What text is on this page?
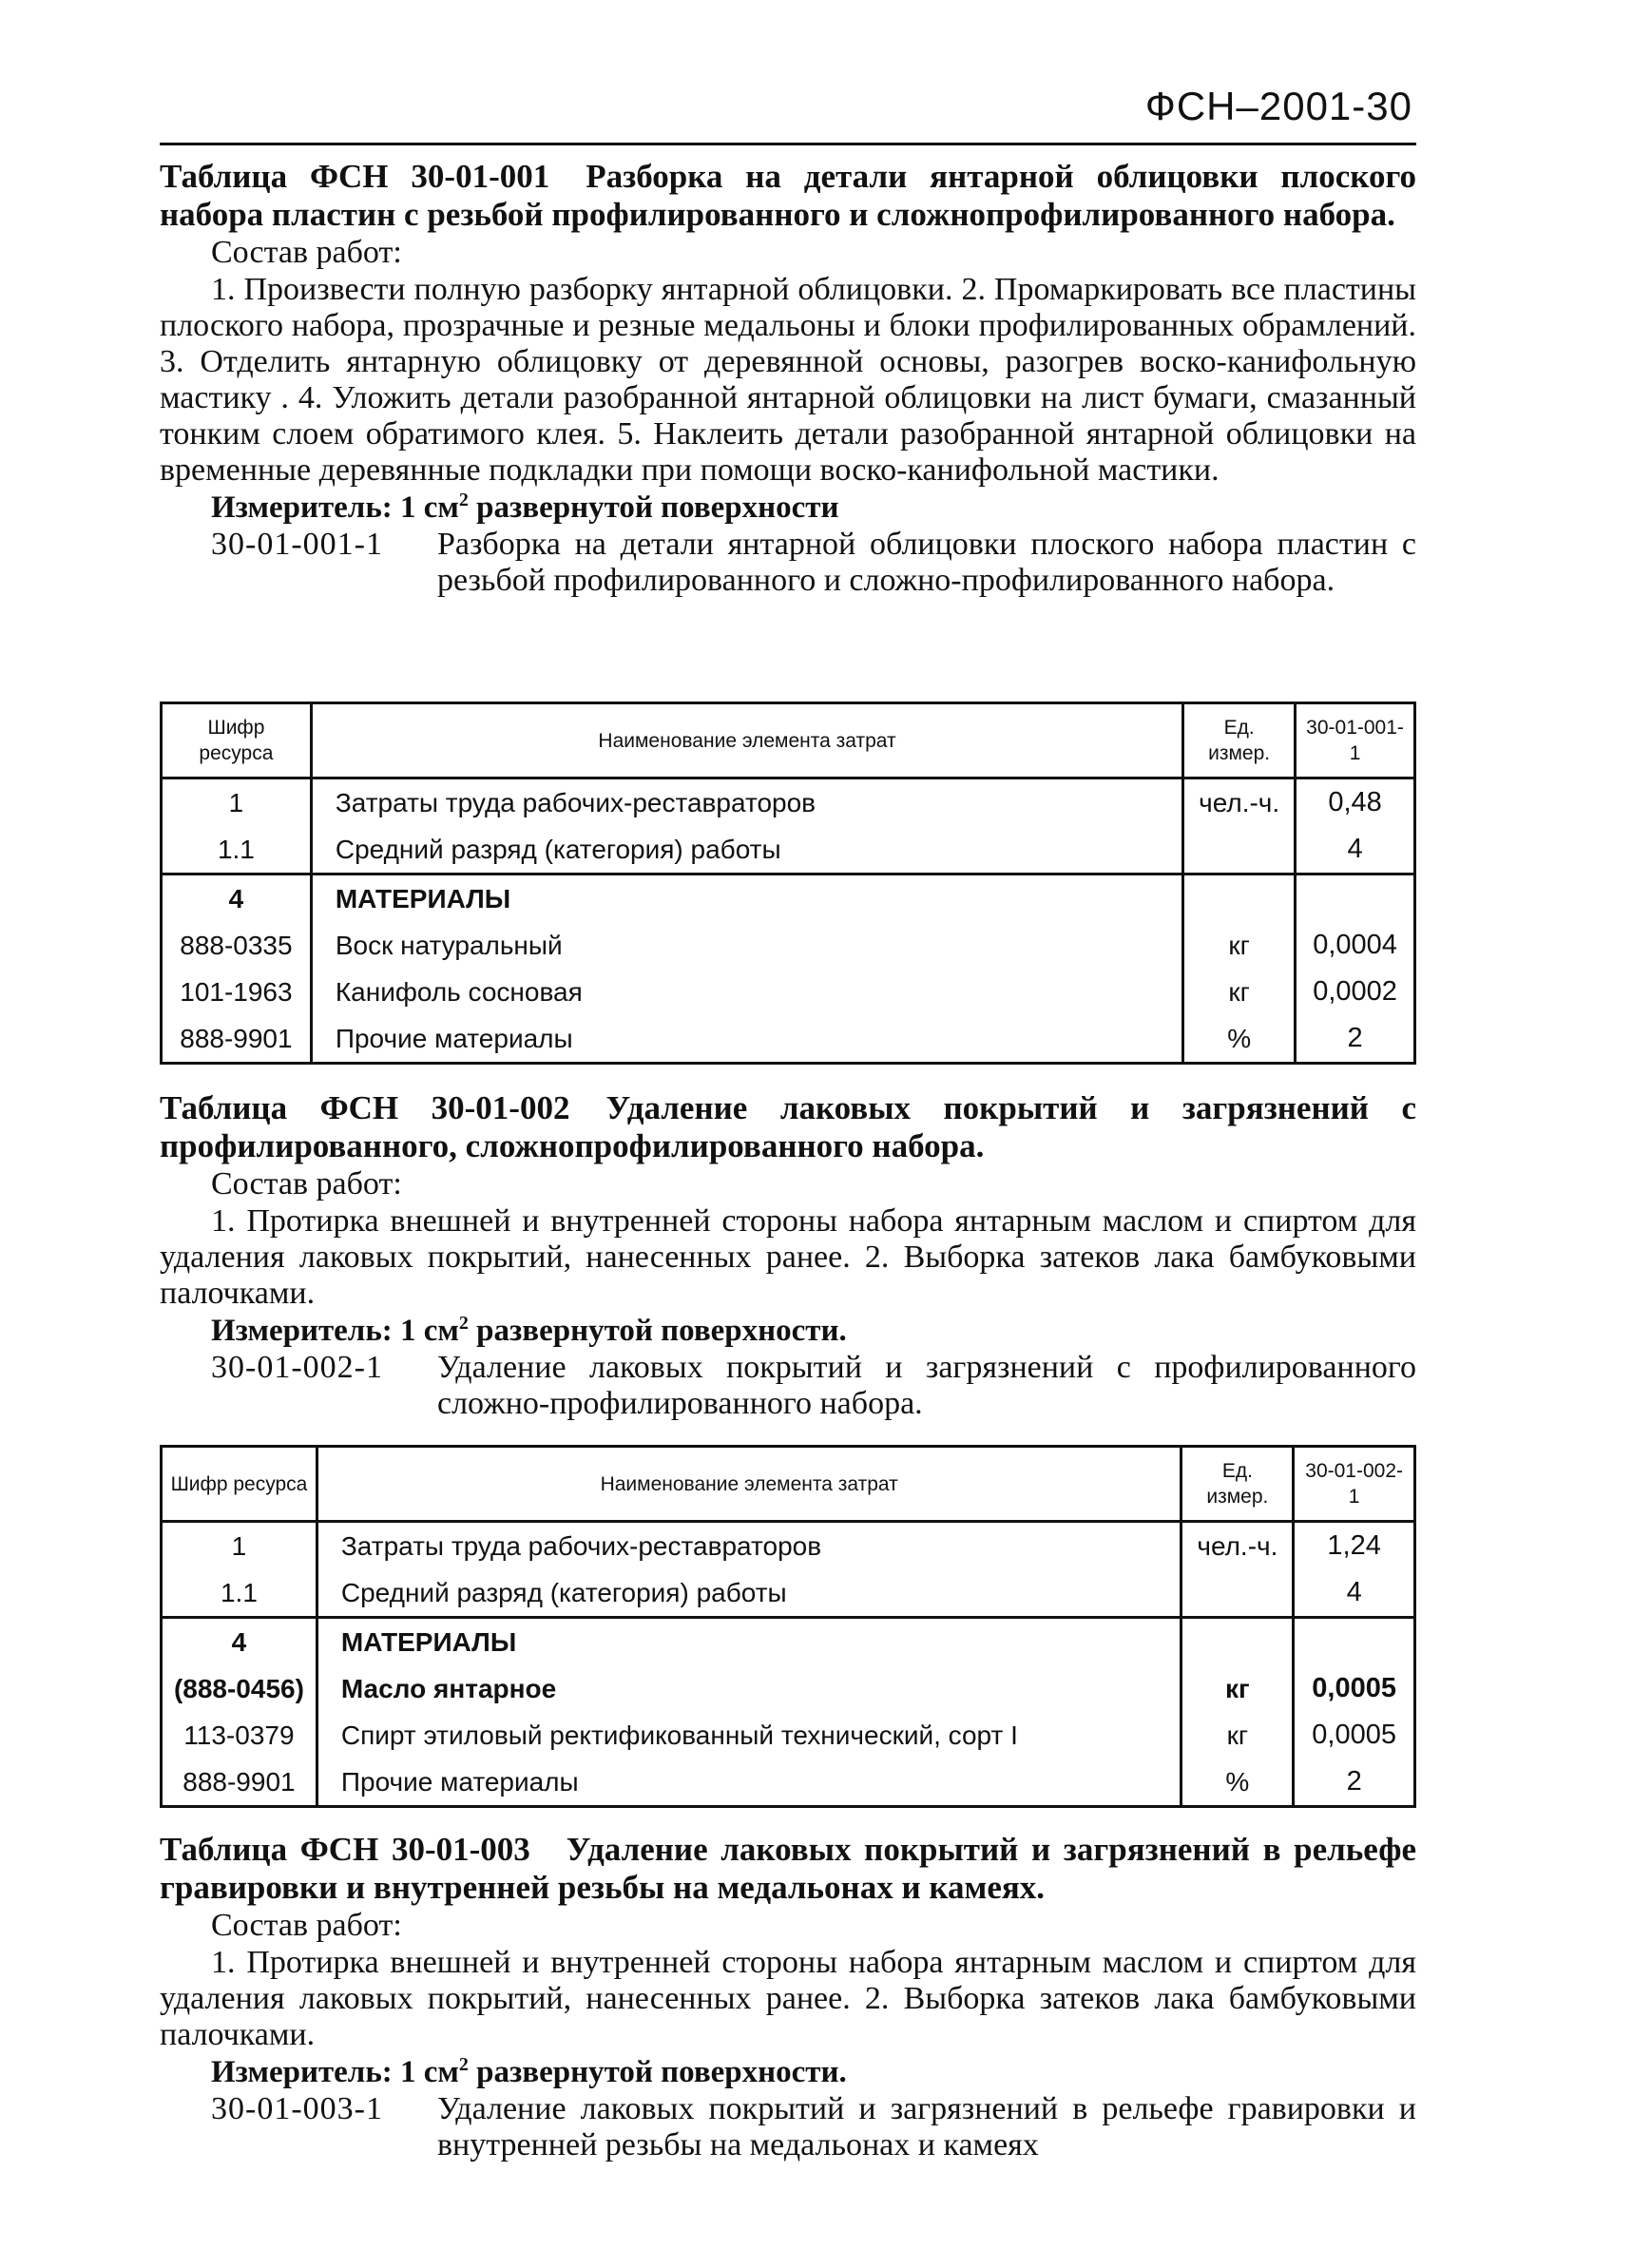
ФСН–2001-30
Таблица ФСН 30-01-001 Разборка на детали янтарной облицовки плоского набора пластин с резьбой профилированного и сложнопрофилированного набора.
Состав работ:
1. Произвести полную разборку янтарной облицовки. 2. Промаркировать все пластины плоского набора, прозрачные и резные медальоны и блоки профилированных обрамлений. 3. Отделить янтарную облицовку от деревянной основы, разогрев воско-канифольную мастику . 4. Уложить детали разобранной янтарной облицовки на лист бумаги, смазанный тонким слоем обратимого клея. 5. Наклеить детали разобранной янтарной облицовки на временные деревянные подкладки при помощи воско-канифольной мастики.
Измеритель: 1 $см^2$ развернутой поверхности
30-01-001-1	Разборка на детали янтарной облицовки плоского набора пластин с резьбой профилированного и сложно-профилированного набора.
Шифр ресурса	Наименование элемента затрат	Ед. измер.	30-01-001-1
1	Затраты труда рабочих-реставраторов	чел.-ч.	0,48
1.1	Средний разряд (категория) работы		4
4	МАТЕРИАЛЫ		
888-0335	Воск натуральный	кг	0,0004
101-1963	Канифоль сосновая	кг	0,0002
888-9901	Прочие материалы	%	2
Таблица ФСН 30-01-002 Удаление лаковых покрытий и загрязнений с профилированного, сложнопрофилированного набора.
Состав работ:
1. Протирка внешней и внутренней стороны набора янтарным маслом и спиртом для удаления лаковых покрытий, нанесенных ранее. 2. Выборка затеков лака бамбуковыми палочками.
Измеритель: 1 $см^2$ развернутой поверхности.
30-01-002-1	Удаление лаковых покрытий и загрязнений с профилированного сложно-профилированного набора.
Шифр ресурса	Наименование элемента затрат	Ед. измер.	30-01-002-1
1	Затраты труда рабочих-реставраторов	чел.-ч.	1,24
1.1	Средний разряд (категория) работы		4
4	МАТЕРИАЛЫ		
(888-0456)	Масло янтарное	кг	0,0005
113-0379	Спирт этиловый ректификованный технический, сорт I	кг	0,0005
888-9901	Прочие материалы	%	2
Таблица ФСН 30-01-003 Удаление лаковых покрытий и загрязнений в рельефе гравировки и внутренней резьбы на медальонах и камеях.
Состав работ:
1. Протирка внешней и внутренней стороны набора янтарным маслом и спиртом для удаления лаковых покрытий, нанесенных ранее. 2. Выборка затеков лака бамбуковыми палочками.
Измеритель: 1 $см^2$ развернутой поверхности.
30-01-003-1	Удаление лаковых покрытий и загрязнений в рельефе гравировки и внутренней резьбы на медальонах и камеях
